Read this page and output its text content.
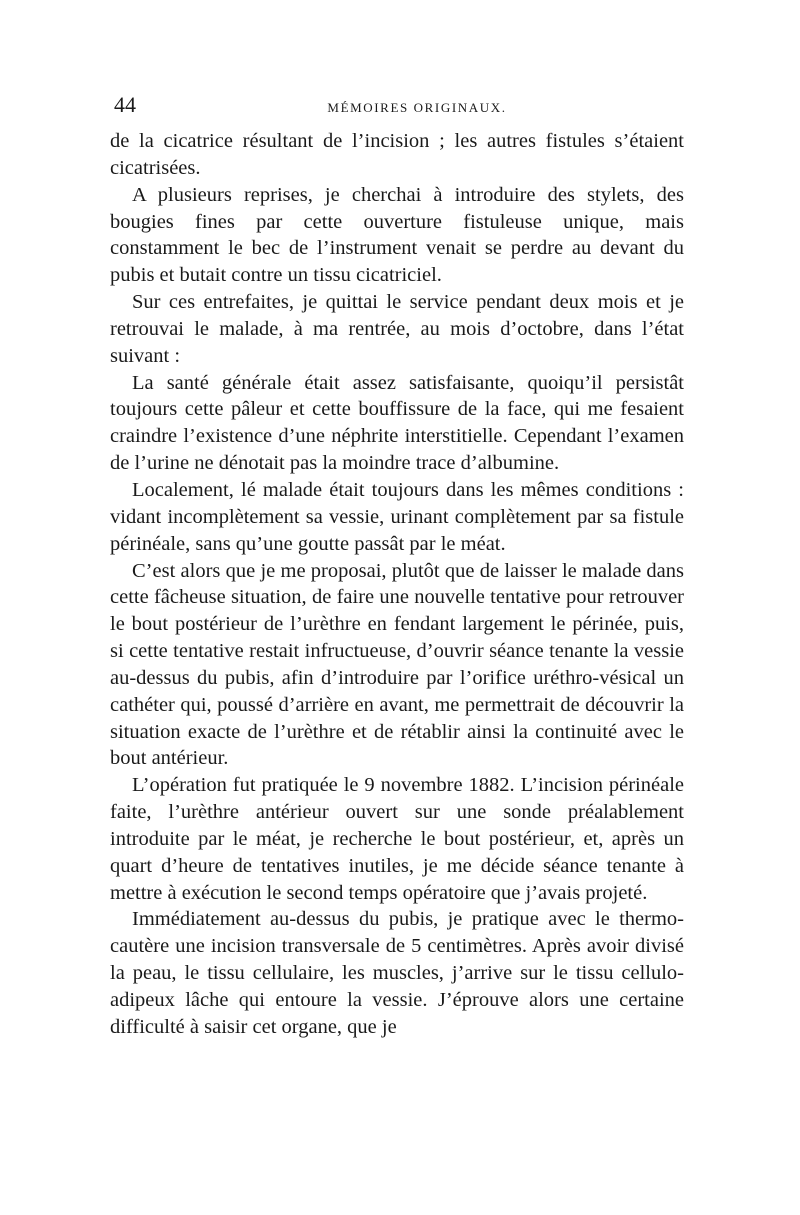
44	MÉMOIRES ORIGINAUX.

de la cicatrice résultant de l’incision ; les autres fistules s’étaient cicatrisées.

A plusieurs reprises, je cherchai à introduire des stylets, des bougies fines par cette ouverture fistuleuse unique, mais constamment le bec de l’instrument venait se perdre au devant du pubis et butait contre un tissu cicatriciel.

Sur ces entrefaites, je quittai le service pendant deux mois et je retrouvai le malade, à ma rentrée, au mois d’octobre, dans l’état suivant :

La santé générale était assez satisfaisante, quoiqu’il persistât toujours cette pâleur et cette bouffissure de la face, qui me fesaient craindre l’existence d’une néphrite interstitielle. Cependant l’examen de l’urine ne dénotait pas la moindre trace d’albumine.

Localement, lé malade était toujours dans les mêmes conditions : vidant incomplètement sa vessie, urinant complètement par sa fistule périnéale, sans qu’une goutte passât par le méat.

C’est alors que je me proposai, plutôt que de laisser le malade dans cette fâcheuse situation, de faire une nouvelle tentative pour retrouver le bout postérieur de l’urèthre en fendant largement le périnée, puis, si cette tentative restait infructueuse, d’ouvrir séance tenante la vessie au-dessus du pubis, afin d’introduire par l’orifice uréthro-vésical un cathéter qui, poussé d’arrière en avant, me permettrait de découvrir la situation exacte de l’urèthre et de rétablir ainsi la continuité avec le bout antérieur.

L’opération fut pratiquée le 9 novembre 1882. L’incision périnéale faite, l’urèthre antérieur ouvert sur une sonde préalablement introduite par le méat, je recherche le bout postérieur, et, après un quart d’heure de tentatives inutiles, je me décide séance tenante à mettre à exécution le second temps opératoire que j’avais projeté.

Immédiatement au-dessus du pubis, je pratique avec le thermo-cautère une incision transversale de 5 centimètres. Après avoir divisé la peau, le tissu cellulaire, les muscles, j’arrive sur le tissu cellulo-adipeux lâche qui entoure la vessie. J’éprouve alors une certaine difficulté à saisir cet organe, que je
